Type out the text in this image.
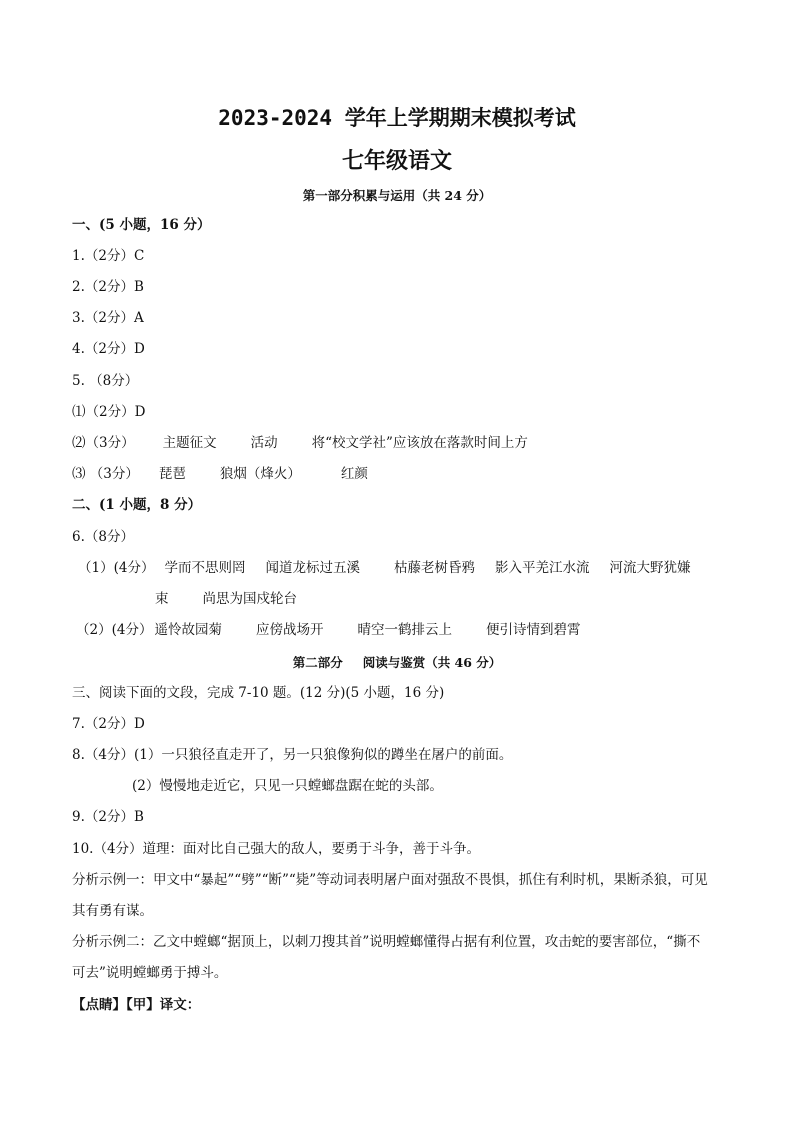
2023-2024 学年上学期期末模拟考试
七年级语文
第一部分积累与运用（共 24 分）
一、(5 小题，16 分）
1.（2分）C
2.（2分）B
3.（2分）A
4.（2分）D
5. （8分）
⑴（2分）D
⑵（3分） 主题征文	活动	将“校文学社”应该放在落款时间上方
⑶ （3分） 琵琶	狼烟（烽火）	红颜
二、(1 小题，8 分）
6.（8分）
（1）(4分） 学而不思则罔 闻道龙标过五溪	枯藤老树昏鸦 影入平羌江水流 河流大野犹嫌
束	尚思为国戍轮台
（2）(4分） 遥怜故园菊	应傍战场开	晴空一鹤排云上	便引诗情到碧霄
第二部分 阅读与鉴赏（共 46 分）
三、阅读下面的文段，完成 7-10 题。(12 分)(5 小题，16 分)
7.（2分）D
8.（4分）(1）一只狼径直走开了，另一只狼像狗似的蹲坐在屠户的前面。
(2）慢慢地走近它，只见一只螳螂盘踞在蛇的头部。
9.（2分）B
10.（4分）道理：面对比自己强大的敌人，要勇于斗争，善于斗争。
分析示例一：甲文中“暴起”“劈”“断”“毙”等动词表明屠户面对强敌不畏惧，抓住有利时机，果断杀狼，可见
其有勇有谋。
分析示例二：乙文中螳螂“据顶上，以刺刀搜其首”说明螳螂懂得占据有利位置，攻击蛇的要害部位，“撕不
可去”说明螳螂勇于搏斗。
【点睛】【甲】译文：
